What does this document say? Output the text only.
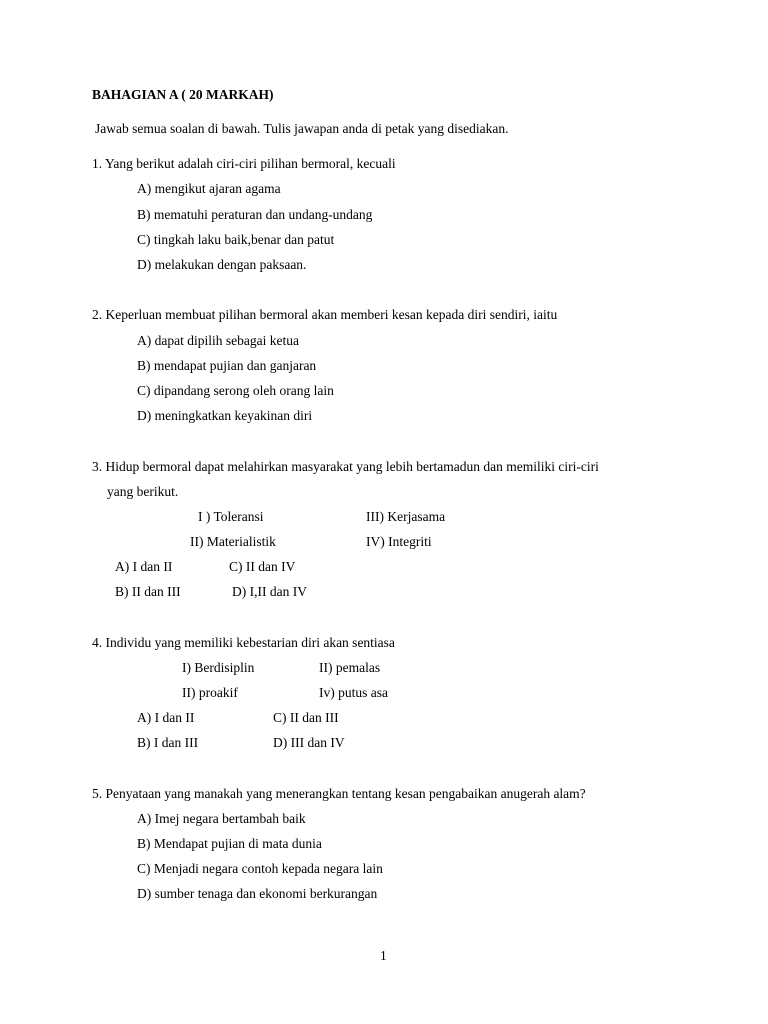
BAHAGIAN A ( 20 MARKAH)
Jawab semua soalan di bawah. Tulis jawapan anda di petak yang disediakan.
1. Yang berikut adalah ciri-ciri pilihan bermoral, kecuali
A) mengikut ajaran agama
B) mematuhi peraturan dan undang-undang
C) tingkah laku baik,benar dan patut
D) melakukan dengan paksaan.
2. Keperluan membuat pilihan bermoral akan memberi kesan kepada diri sendiri, iaitu
A) dapat dipilih sebagai ketua
B) mendapat pujian dan ganjaran
C) dipandang serong oleh orang lain
D) meningkatkan keyakinan diri
3. Hidup bermoral dapat melahirkan masyarakat yang lebih bertamadun dan memiliki ciri-ciri
yang berikut.
I ) Toleransi	III) Kerjasama
II) Materialistik	IV) Integriti
A) I dan II	C) II dan IV
B) II dan III	D) I,II dan IV
4. Individu yang memiliki kebestarian diri akan sentiasa
I) Berdisiplin	II) pemalas
II) proakif	Iv) putus asa
A) I dan II	C) II dan III
B) I dan III	D) III dan IV
5. Penyataan yang manakah yang menerangkan tentang kesan pengabaikan anugerah alam?
A) Imej negara bertambah baik
B) Mendapat pujian di mata dunia
C) Menjadi negara contoh kepada negara lain
D) sumber tenaga dan ekonomi berkurangan
1
